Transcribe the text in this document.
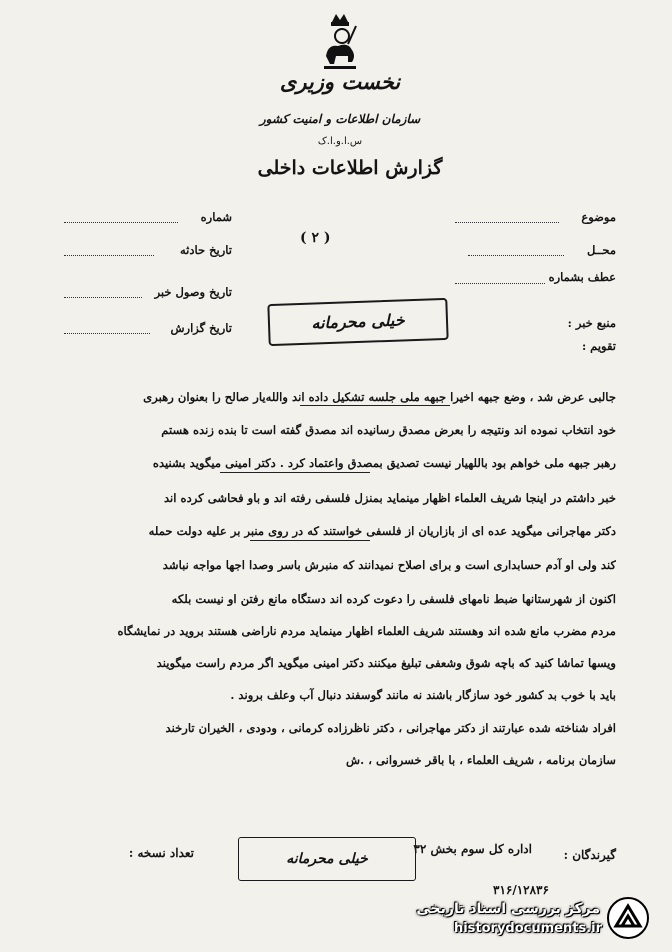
نخست وزیری
سازمان اطلاعات و امنیت کشور
س.ا.و.ا.ک
گزارش اطلاعات داخلی
موضوع
محــل
عطف بشماره
منبع خبر :
تقویم :
شماره
تاریخ حادثه
تاریخ وصول خبر
تاریخ گزارش
( ۲ )
خیلی محرمانه
جالبی عرض شد ، وضع جبهه اخیرا جبهه ملی جلسه تشکیل داده اند والله‌یار صالح را بعنوان رهبری
خود انتخاب نموده اند ونتیجه را بعرض مصدق رسانیده اند مصدق گفته است تا بنده زنده هستم
رهبر جبهه ملی خواهم بود باللهیار نیست تصدیق بمصدق واعتماد کرد . دکتر امینی میگوید بشنیده
خبر داشتم در اینجا شریف العلماء اظهار مینماید بمنزل فلسفی رفته اند و باو فحاشی کرده اند
دکتر مهاجرانی میگوید عده ای از بازاریان از فلسفی خواستند که در روی منبر بر علیه دولت حمله
کند ولی او آدم حسابداری است و برای اصلاح نمیدانند که منبرش باسر وصدا اجها مواجه نباشد
اکنون از شهرستانها ضبط نامهای فلسفی را دعوت کرده اند دستگاه مانع رفتن او نیست بلکه
مردم مضرب مانع شده اند وهستند شریف العلماء اظهار مینماید مردم ناراضی هستند بروید در نمایشگاه
ویسها تماشا کنید که باچه شوق وشعفی تبلیغ میکنند دکتر امینی میگوید اگر مردم راست میگویند
باید با خوب بد کشور خود سازگار باشند نه مانند گوسفند دنبال آب وعلف بروند .
افراد شناخته شده عبارتند از دکتر مهاجرانی ، دکتر ناظرزاده کرمانی ، ودودی ، الخیران تارخند
سازمان برنامه ، شریف العلماء ، با باقر خسروانی ، .ش
گیرندگان :
اداره کل سوم بخش ۳۲
تعداد نسخه :	خیلی محرمانه
۳۱۶/۱۲۸۳۶
مرکز بررسی اسناد تاریخی
historydocuments.ir
